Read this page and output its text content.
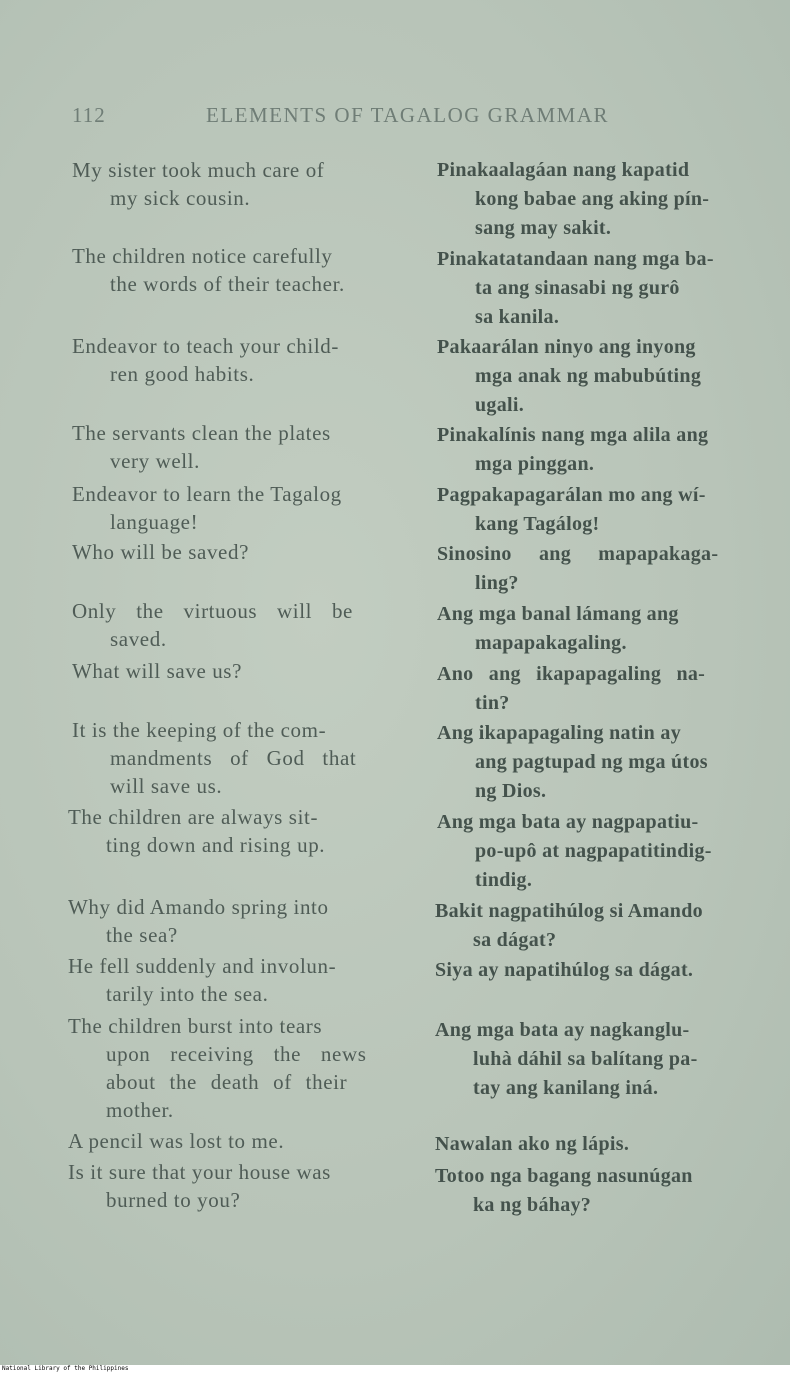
112	ELEMENTS OF TAGALOG GRAMMAR
My sister took much care of
my sick cousin.
Pinakaalagáan nang kapatid
kong babae ang aking pín-
sang may sakit.
The children notice carefully
the words of their teacher.
Pinakatatandaan nang mga ba-
ta ang sinasabi ng gurô
sa kanila.
Endeavor to teach your child-
ren good habits.
Pakaarálan ninyo ang inyong
mga anak ng mabubúting
ugali.
The servants clean the plates
very well.
Pinakalínis nang mga alila ang
mga pinggan.
Endeavor to learn the Tagalog
language!
Pagpakapagarálan mo ang wí-
kang Tagálog!
Who will be saved?	Sinosino ang mapapakaga-
ling?
Only the virtuous will be
saved.
Ang mga banal lámang ang
mapapakagaling.
What will save us?	Ano ang ikapapagaling na-
tin?
It is the keeping of the com-
mandments of God that
will save us.
Ang ikapapagaling natin ay
ang pagtupad ng mga útos
ng Dios.
The children are always sit-
ting down and rising up.
Ang mga bata ay nagpapatiu-
po-upô at nagpapatitindig-
tindig.
Why did Amando spring into
the sea?
Bakit nagpatihúlog si Amando
sa dágat?
He fell suddenly and involun-
tarily into the sea.
Siya ay napatihúlog sa dágat.
The children burst into tears
upon receiving the news
about the death of their
mother.
Ang mga bata ay nagkanglu-
luhà dáhil sa balítang pa-
tay ang kanilang iná.
A pencil was lost to me.	Nawalan ako ng lápis.
Is it sure that your house was
burned to you?
Totoo nga bagang nasunúgan
ka ng báhay?
National Library of the Philippines
